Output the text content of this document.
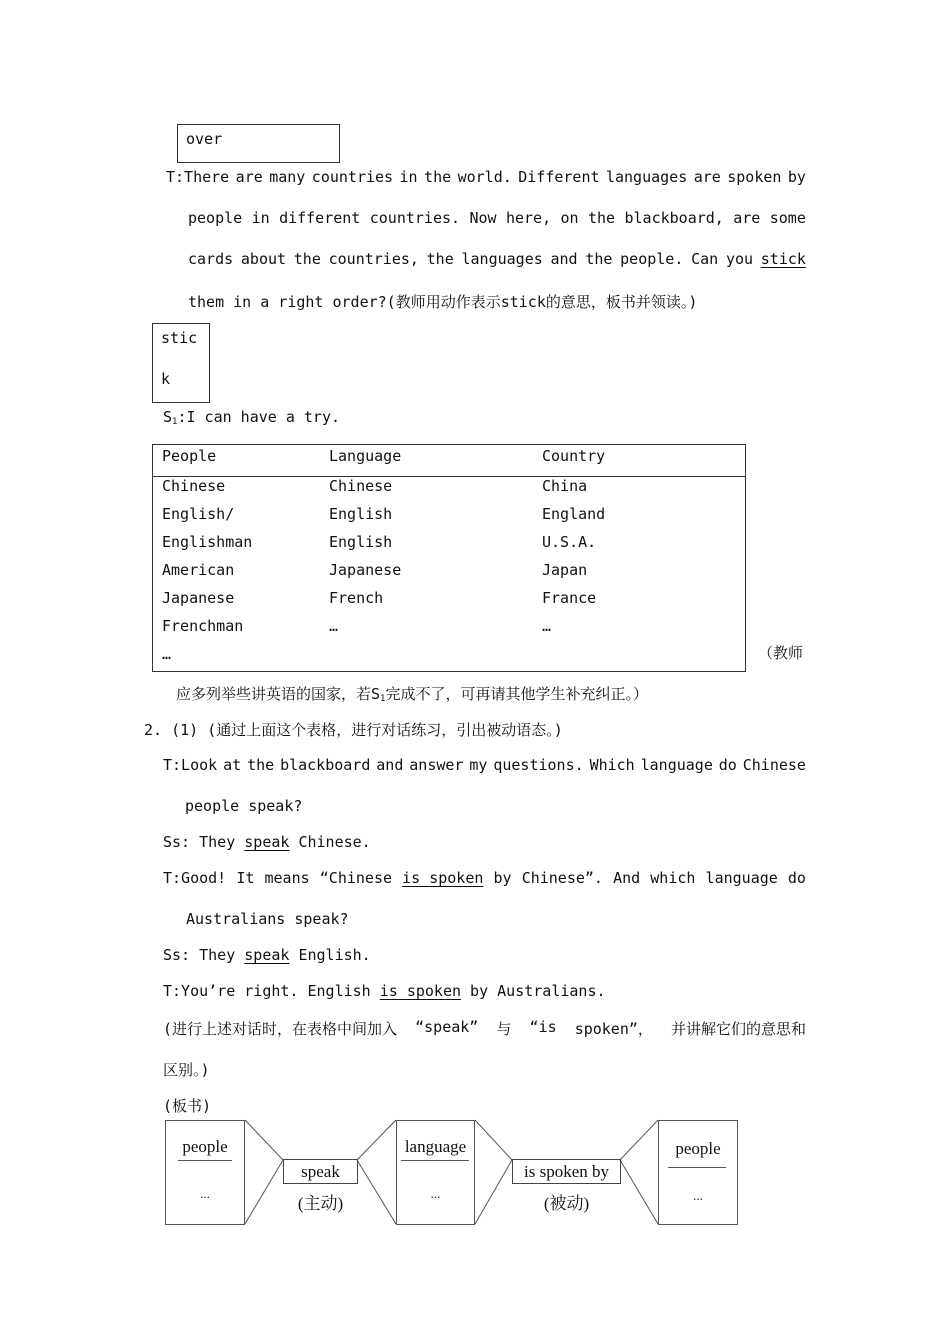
over
T:There are many countries in the world. Different languages are spoken by
people in different countries. Now here, on the blackboard, are some
cards about the countries, the languages and the people. Can you stick
them in a right order?(教师用动作表示stick的意思，板书并领读。)
stic
k
$S_1:I$ can have a try.
People	Language	Country
Chinese
English/
Englishman
American
Japanese
Frenchman
…
Chinese
English
English
Japanese
French
…
China
England
U.S.A.
Japan
France
…
（教师
应多列举些讲英语的国家，若$S_1$完成不了，可再请其他学生补充纠正。）
2. (1) (通过上面这个表格，进行对话练习，引出被动语态。)
T:Look at the blackboard and answer my questions. Which language do Chinese
people speak?
Ss: They speak Chinese.
T:Good! It means “Chinese is spoken by Chinese”. And which language do
Australians speak?
Ss: They speak English.
T:You’re right. English is spoken by Australians.
(进行上述对话时，在表格中间加入 “speak” 与 “is spoken”， 并讲解它们的意思和
区别。)
(板书)
people
...
speak
(主动)
language
...
is spoken by
(被动)
people
...
